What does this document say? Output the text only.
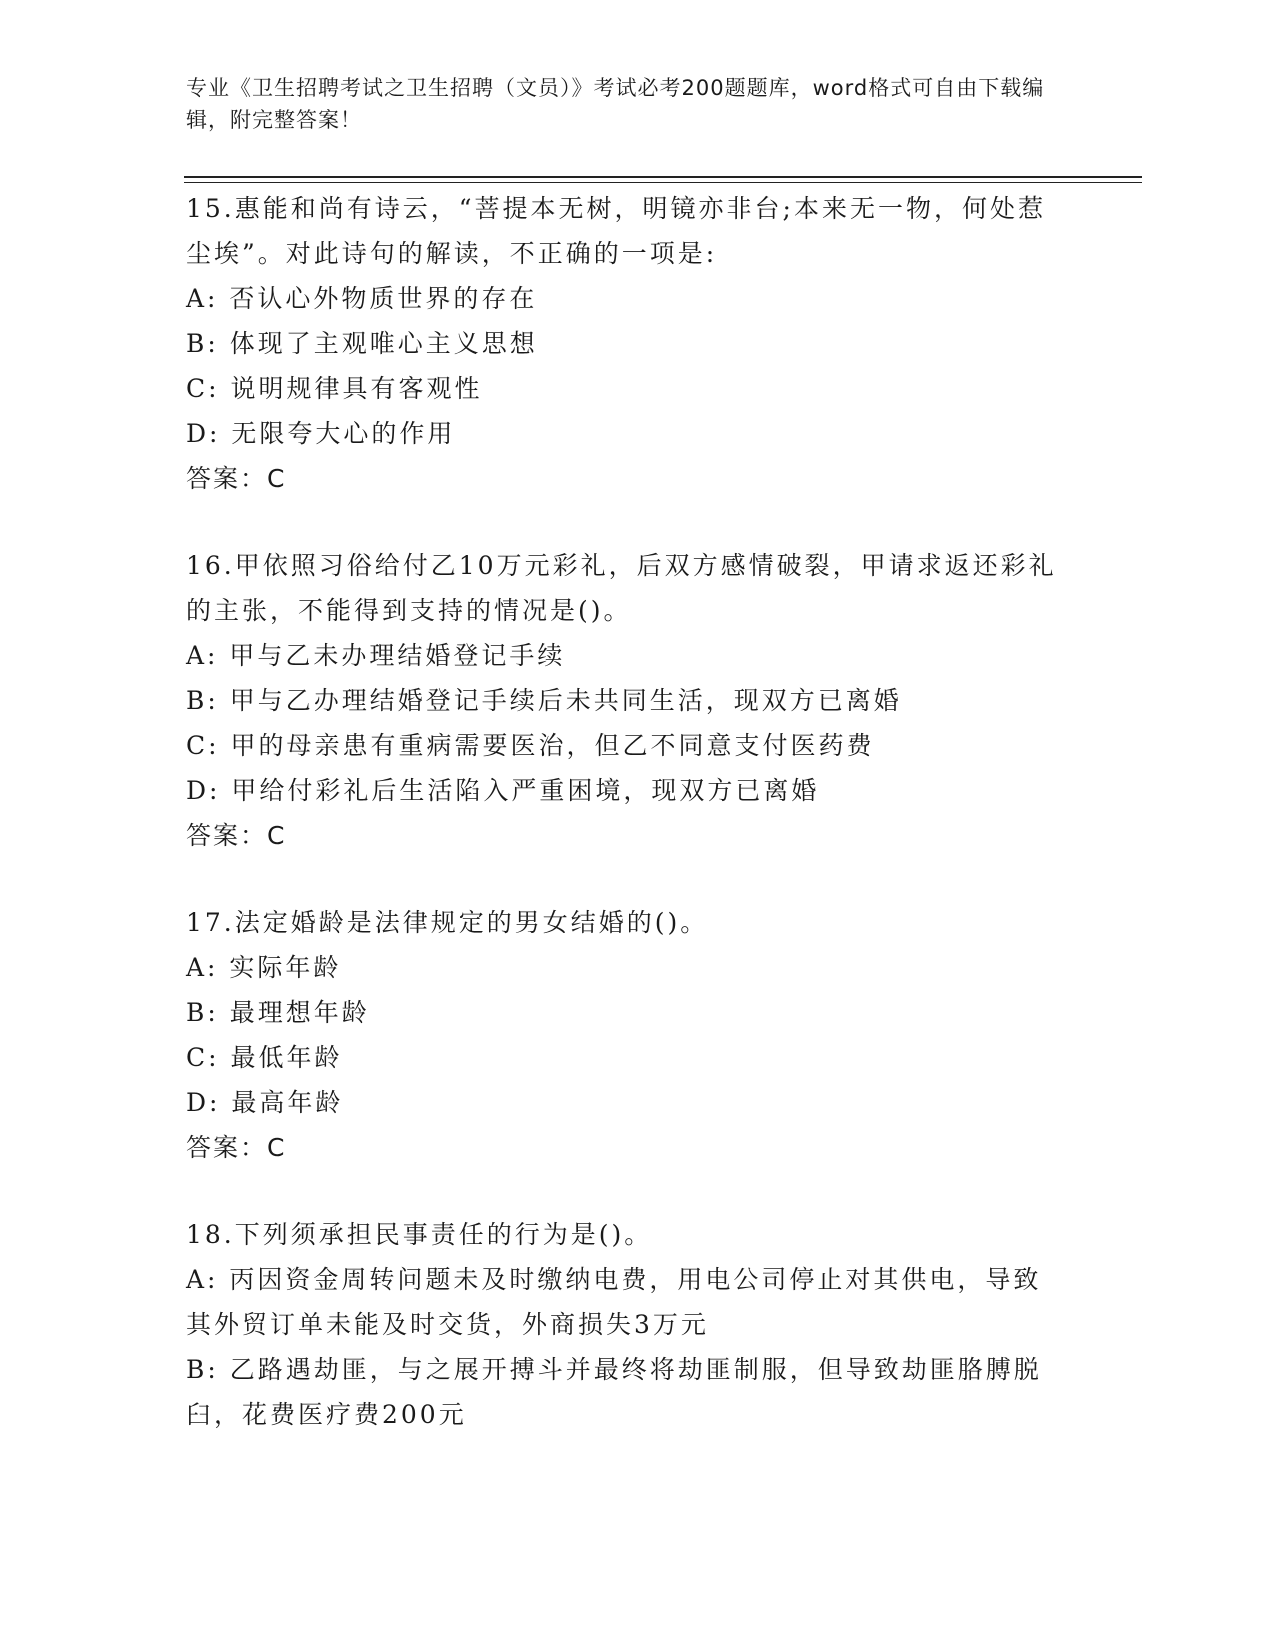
专业《卫生招聘考试之卫生招聘（文员）》考试必考200题题库，word格式可自由下载编辑，附完整答案！

15.惠能和尚有诗云，“菩提本无树，明镜亦非台;本来无一物，何处惹尘埃”。对此诗句的解读，不正确的一项是:

A: 否认心外物质世界的存在

B: 体现了主观唯心主义思想

C: 说明规律具有客观性

D: 无限夸大心的作用

答案：C

16.甲依照习俗给付乙10万元彩礼，后双方感情破裂，甲请求返还彩礼的主张，不能得到支持的情况是()。

A: 甲与乙未办理结婚登记手续

B: 甲与乙办理结婚登记手续后未共同生活，现双方已离婚

C: 甲的母亲患有重病需要医治，但乙不同意支付医药费

D: 甲给付彩礼后生活陷入严重困境，现双方已离婚

答案：C

17.法定婚龄是法律规定的男女结婚的()。

A: 实际年龄

B: 最理想年龄

C: 最低年龄

D: 最高年龄

答案：C

18.下列须承担民事责任的行为是()。

A: 丙因资金周转问题未及时缴纳电费，用电公司停止对其供电，导致其外贸订单未能及时交货，外商损失3万元

B: 乙路遇劫匪，与之展开搏斗并最终将劫匪制服，但导致劫匪胳膊脱臼，花费医疗费200元
